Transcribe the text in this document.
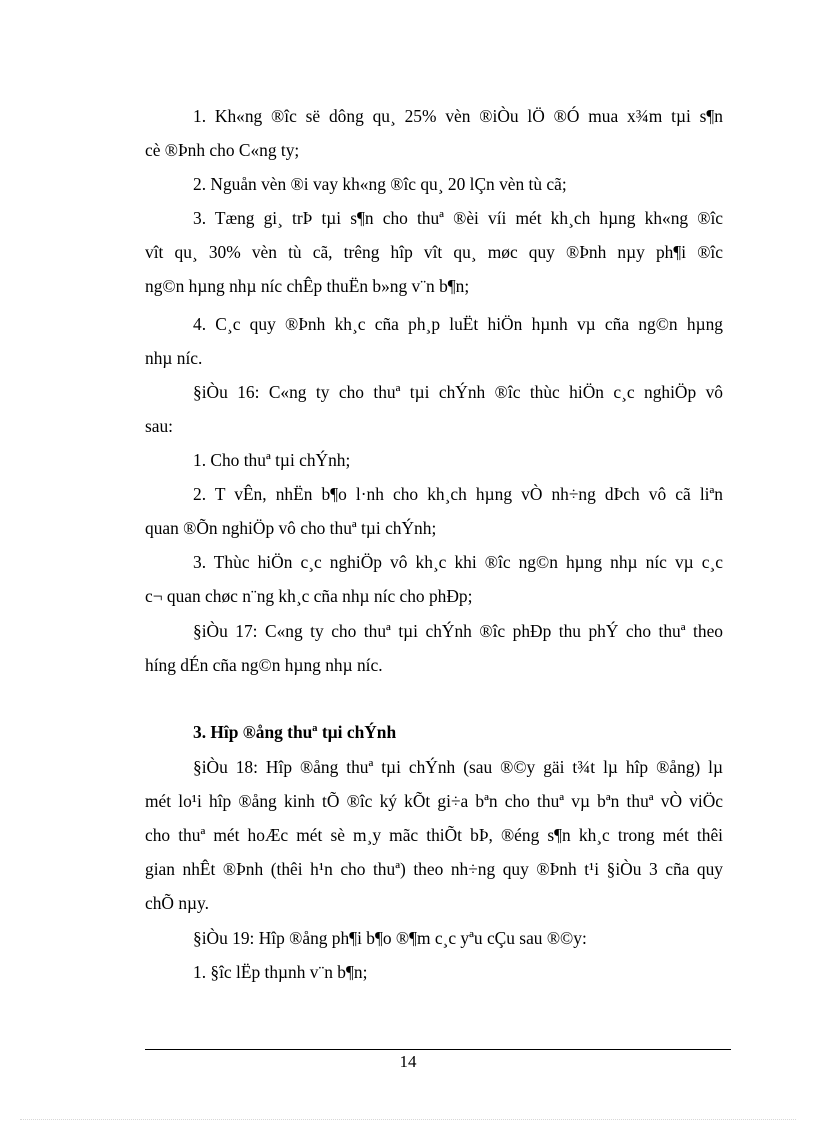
1. Kh«ng ®îc së dông qu¸ 25% vèn ®iÒu lÖ ®Ó mua x¾m tµi s¶n
cè ®Þnh cho C«ng ty;
2. Nguån vèn ®i vay kh«ng ®îc qu¸ 20 lÇn vèn tù cã;
3. Tæng gi¸ trÞ tµi s¶n cho thuª ®èi víi mét kh¸ch hµng kh«ng ®îc
vît qu¸ 30% vèn tù cã, trêng hîp vît qu¸ møc quy ®Þnh nµy ph¶i ®îc
ng©n hµng nhµ níc chÊp thuËn b»ng v¨n b¶n;
4. C¸c quy ®Þnh kh¸c cña ph¸p luËt hiÖn hµnh vµ cña ng©n hµng
nhµ níc.
§iÒu 16: C«ng ty cho thuª tµi chÝnh ®îc thùc hiÖn c¸c nghiÖp vô
sau:
1. Cho thuª tµi chÝnh;
2. T vÊn, nhËn b¶o l·nh cho kh¸ch hµng vÒ nh÷ng dÞch vô cã liªn
quan ®Õn nghiÖp vô cho thuª tµi chÝnh;
3. Thùc hiÖn c¸c nghiÖp vô kh¸c khi ®îc ng©n hµng nhµ níc vµ c¸c
c¬ quan chøc n¨ng kh¸c cña nhµ níc cho phÐp;
§iÒu 17: C«ng ty cho thuª tµi chÝnh ®îc phÐp thu phÝ cho thuª theo
híng dÉn cña ng©n hµng nhµ níc.
3. Hîp ®ång thuª tµi chÝnh
§iÒu 18: Hîp ®ång thuª tµi chÝnh (sau ®©y gäi t¾t lµ hîp ®ång) lµ
mét lo¹i hîp ®ång kinh tÕ ®îc ký kÕt gi÷a bªn cho thuª vµ bªn thuª vÒ viÖc
cho thuª mét hoÆc mét sè m¸y mãc thiÕt bÞ, ®éng s¶n kh¸c trong mét thêi
gian nhÊt ®Þnh (thêi h¹n cho thuª) theo nh÷ng quy ®Þnh t¹i §iÒu 3 cña quy
chÕ nµy.
§iÒu 19: Hîp ®ång ph¶i b¶o ®¶m c¸c yªu cÇu sau ®©y:
1. §îc lËp thµnh v¨n b¶n;
14
